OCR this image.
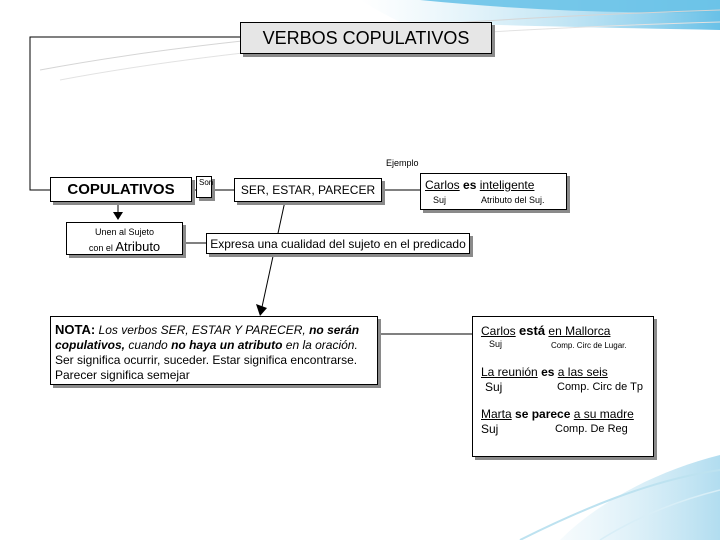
VERBOS COPULATIVOS
Ejemplo
COPULATIVOS	Son
SER, ESTAR, PARECER	Carlos es inteligente
Suj	Atributo del Suj.
Unen al Sujeto
con el Atributo	Expresa una cualidad del sujeto en el predicado
NOTA: Los verbos SER, ESTAR Y PARECER, no serán
copulativos, cuando no haya un atributo en la oración.
Ser significa ocurrir, suceder. Estar significa encontrarse.
Parecer significa semejar
Carlos está en Mallorca
Suj	Comp. Circ de Lugar.
La reunión es a las seis
Suj	Comp. Circ de Tp
Marta se parece a su madre
Suj	Comp. De Reg
